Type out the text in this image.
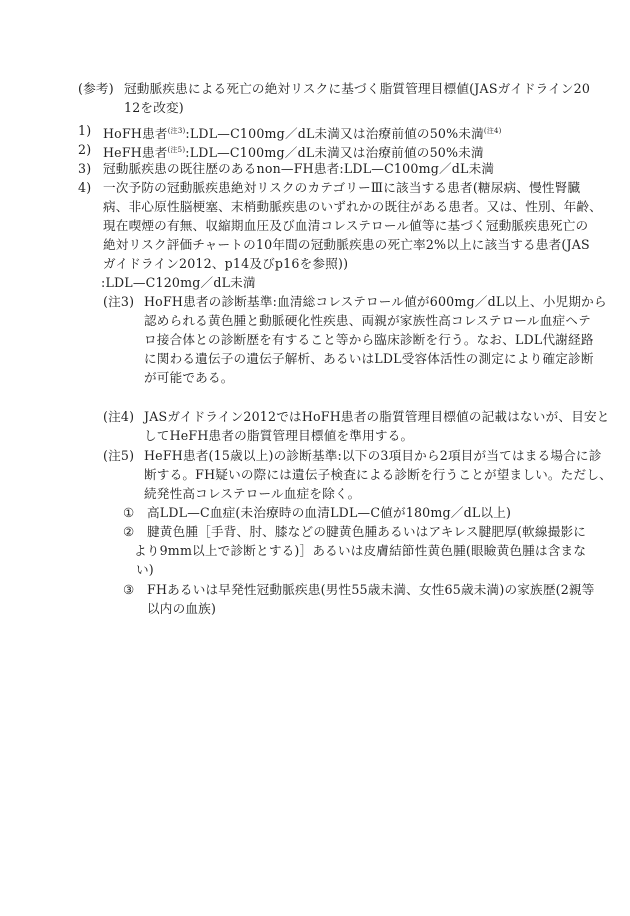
(参考) 冠動脈疾患による死亡の絶対リスクに基づく脂質管理目標値(JASガイドライン20
12を改変)
1) HoFH患者$^{(注3)}$:LDL—C100mg／dL未満又は治療前値の50%未満$^{(注4)}$
2) HeFH患者$^{(注5)}$:LDL—C100mg／dL未満又は治療前値の50%未満
3) 冠動脈疾患の既往歴のあるnon—FH患者:LDL—C100mg／dL未満
4) 一次予防の冠動脈疾患絶対リスクのカテゴリーⅢに該当する患者(糖尿病、慢性腎臓
病、非心原性脳梗塞、末梢動脈疾患のいずれかの既往がある患者。又は、性別、年齢、
現在喫煙の有無、収縮期血圧及び血清コレステロール値等に基づく冠動脈疾患死亡の
絶対リスク評価チャートの10年間の冠動脈疾患の死亡率2%以上に該当する患者(JAS
ガイドライン2012、p14及びp16を参照))
:LDL—C120mg／dL未満
(注3) HoFH患者の診断基準:血清総コレステロール値が600mg／dL以上、小児期から
認められる黄色腫と動脈硬化性疾患、両親が家族性高コレステロール血症ヘテ
ロ接合体との診断歴を有すること等から臨床診断を行う。なお、LDL代謝経路
に関わる遺伝子の遺伝子解析、あるいはLDL受容体活性の測定により確定診断
が可能である。
(注4) JASガイドライン2012ではHoFH患者の脂質管理目標値の記載はないが、目安と
してHeFH患者の脂質管理目標値を準用する。
(注5) HeFH患者(15歳以上)の診断基準:以下の3項目から2項目が当てはまる場合に診
断する。FH疑いの際には遺伝子検査による診断を行うことが望ましい。ただし、
続発性高コレステロール血症を除く。
① 高LDL—C血症(未治療時の血清LDL—C値が180mg／dL以上)
② 腱黄色腫［手背、肘、膝などの腱黄色腫あるいはアキレス腱肥厚(軟線撮影に
より9mm以上で診断とする)］あるいは皮膚結節性黄色腫(眼瞼黄色腫は含まな
い)
③ FHあるいは早発性冠動脈疾患(男性55歳未満、女性65歳未満)の家族歴(2親等
以内の血族)
